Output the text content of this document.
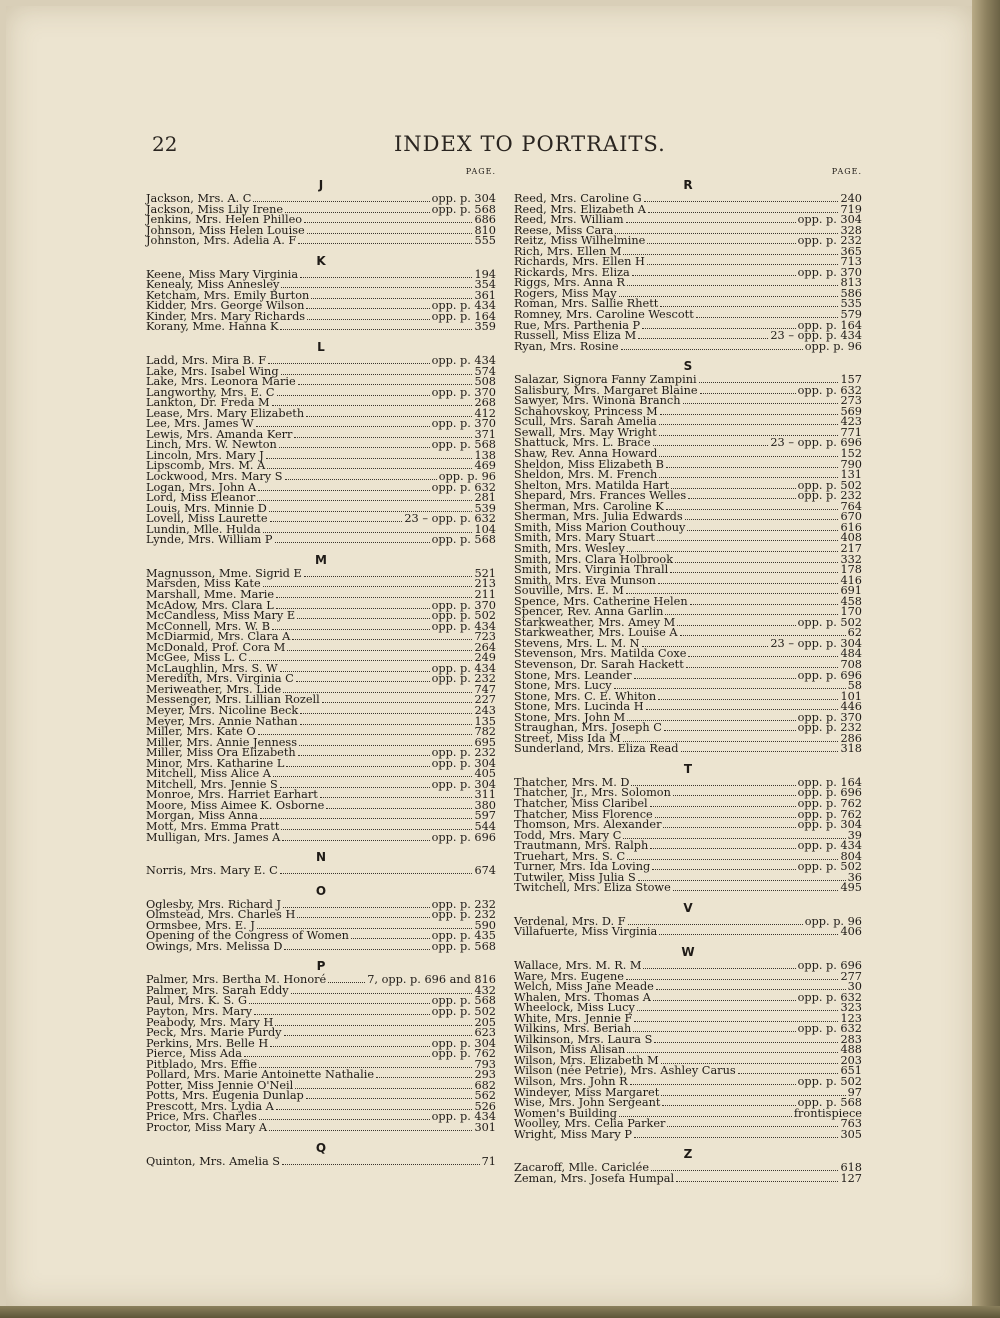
22	INDEX TO PORTRAITS.
PAGE.
J
Jackson, Mrs. A. C	opp. p. 304
Jackson, Miss Lily Irene	opp. p. 568
Jenkins, Mrs. Helen Philleo	686
Johnson, Miss Helen Louise	810
Johnston, Mrs. Adelia A. F	555
K
Keene, Miss Mary Virginia	194
Kenealy, Miss Annesley	354
Ketcham, Mrs. Emily Burton	361
Kidder, Mrs. George Wilson	opp. p. 434
Kinder, Mrs. Mary Richards	opp. p. 164
Korany, Mme. Hanna K	359
L
Ladd, Mrs. Mira B. F	opp. p. 434
Lake, Mrs. Isabel Wing	574
Lake, Mrs. Leonora Marie	508
Langworthy, Mrs. E. C	opp. p. 370
Lankton, Dr. Freda M	268
Lease, Mrs. Mary Elizabeth	412
Lee, Mrs. James W	opp. p. 370
Lewis, Mrs. Amanda Kerr	371
Linch, Mrs. W. Newton	opp. p. 568
Lincoln, Mrs. Mary J	138
Lipscomb, Mrs. M. A	469
Lockwood, Mrs. Mary S	opp. p. 96
Logan, Mrs. John A	opp. p. 632
Lord, Miss Eleanor	281
Louis, Mrs. Minnie D	539
Lovell, Miss Laurette	23 – opp. p. 632
Lundin, Mlle. Hulda	104
Lynde, Mrs. William P	opp. p. 568
M
Magnusson, Mme. Sigrid E	521
Marsden, Miss Kate	213
Marshall, Mme. Marie	211
McAdow, Mrs. Clara L	opp. p. 370
McCandless, Miss Mary E	opp. p. 502
McConnell, Mrs. W. B	opp. p. 434
McDiarmid, Mrs. Clara A	723
McDonald, Prof. Cora M	264
McGee, Miss L. C	249
McLaughlin, Mrs. S. W	opp. p. 434
Meredith, Mrs. Virginia C	opp. p. 232
Meriweather, Mrs. Lide	747
Messenger, Mrs. Lillian Rozell	227
Meyer, Mrs. Nicoline Beck	243
Meyer, Mrs. Annie Nathan	135
Miller, Mrs. Kate O	782
Miller, Mrs. Annie Jenness	695
Miller, Miss Ora Elizabeth	opp. p. 232
Minor, Mrs. Katharine L	opp. p. 304
Mitchell, Miss Alice A	405
Mitchell, Mrs. Jennie S	opp. p. 304
Monroe, Mrs. Harriet Earhart	311
Moore, Miss Aimee K. Osborne	380
Morgan, Miss Anna	597
Mott, Mrs. Emma Pratt	544
Mulligan, Mrs. James A	opp. p. 696
N
Norris, Mrs. Mary E. C	674
O
Oglesby, Mrs. Richard J	opp. p. 232
Olmstead, Mrs. Charles H	opp. p. 232
Ormsbee, Mrs. E. J	590
Opening of the Congress of Women	opp. p. 435
Owings, Mrs. Melissa D	opp. p. 568
P
Palmer, Mrs. Bertha M. Honoré	7, opp. p. 696 and 816
Palmer, Mrs. Sarah Eddy	432
Paul, Mrs. K. S. G	opp. p. 568
Payton, Mrs. Mary	opp. p. 502
Peabody, Mrs. Mary H	205
Peck, Mrs. Marie Purdy	623
Perkins, Mrs. Belle H	opp. p. 304
Pierce, Miss Ada	opp. p. 762
Pitblado, Mrs. Effie	793
Pollard, Mrs. Marie Antoinette Nathalie	293
Potter, Miss Jennie O'Neil	682
Potts, Mrs. Eugenia Dunlap	562
Prescott, Mrs. Lydia A	526
Price, Mrs. Charles	opp. p. 434
Proctor, Miss Mary A	301
Q
Quinton, Mrs. Amelia S	71
PAGE.
R
Reed, Mrs. Caroline G	240
Reed, Mrs. Elizabeth A	719
Reed, Mrs. William	opp. p. 304
Reese, Miss Cara	328
Reitz, Miss Wilhelmine	opp. p. 232
Rich, Mrs. Ellen M	365
Richards, Mrs. Ellen H	713
Rickards, Mrs. Eliza	opp. p. 370
Riggs, Mrs. Anna R	813
Rogers, Miss May	586
Roman, Mrs. Sallie Rhett	535
Romney, Mrs. Caroline Wescott	579
Rue, Mrs. Parthenia P	opp. p. 164
Russell, Miss Eliza M	23 – opp. p. 434
Ryan, Mrs. Rosine	opp. p. 96
S
Salazar, Signora Fanny Zampini	157
Salisbury, Mrs. Margaret Blaine	opp. p. 632
Sawyer, Mrs. Winona Branch	273
Schahovskoy, Princess M	569
Scull, Mrs. Sarah Amelia	423
Sewall, Mrs. May Wright	771
Shattuck, Mrs. L. Brace	23 – opp. p. 696
Shaw, Rev. Anna Howard	152
Sheldon, Miss Elizabeth B	790
Sheldon, Mrs. M. French	131
Shelton, Mrs. Matilda Hart	opp. p. 502
Shepard, Mrs. Frances Welles	opp. p. 232
Sherman, Mrs. Caroline K	764
Sherman, Mrs. Julia Edwards	670
Smith, Miss Marion Couthouy	616
Smith, Mrs. Mary Stuart	408
Smith, Mrs. Wesley	217
Smith, Mrs. Clara Holbrook	332
Smith, Mrs. Virginia Thrall	178
Smith, Mrs. Eva Munson	416
Souville, Mrs. E. M	691
Spence, Mrs. Catherine Helen	458
Spencer, Rev. Anna Garlin	170
Starkweather, Mrs. Amey M	opp. p. 502
Starkweather, Mrs. Louise A	62
Stevens, Mrs. L. M. N	23 – opp. p. 304
Stevenson, Mrs. Matilda Coxe	484
Stevenson, Dr. Sarah Hackett	708
Stone, Mrs. Leander	opp. p. 696
Stone, Mrs. Lucy	58
Stone, Mrs. C. E. Whiton	101
Stone, Mrs. Lucinda H	446
Stone, Mrs. John M	opp. p. 370
Straughan, Mrs. Joseph C	opp. p. 232
Street, Miss Ida M	286
Sunderland, Mrs. Eliza Read	318
T
Thatcher, Mrs. M. D	opp. p. 164
Thatcher, Jr., Mrs. Solomon	opp. p. 696
Thatcher, Miss Claribel	opp. p. 762
Thatcher, Miss Florence	opp. p. 762
Thomson, Mrs. Alexander	opp. p. 304
Todd, Mrs. Mary C	39
Trautmann, Mrs. Ralph	opp. p. 434
Truehart, Mrs. S. C	804
Turner, Mrs. Ida Loving	opp. p. 502
Tutwiler, Miss Julia S	36
Twitchell, Mrs. Eliza Stowe	495
V
Verdenal, Mrs. D. F	opp. p. 96
Villafuerte, Miss Virginia	406
W
Wallace, Mrs. M. R. M	opp. p. 696
Ware, Mrs. Eugene	277
Welch, Miss Jane Meade	30
Whalen, Mrs. Thomas A	opp. p. 632
Wheelock, Miss Lucy	323
White, Mrs. Jennie F	123
Wilkins, Mrs. Beriah	opp. p. 632
Wilkinson, Mrs. Laura S	283
Wilson, Miss Alisan	488
Wilson, Mrs. Elizabeth M	203
Wilson (née Petrie), Mrs. Ashley Carus	651
Wilson, Mrs. John R	opp. p. 502
Windeyer, Miss Margaret	97
Wise, Mrs. John Sergeant	opp. p. 568
Women's Building	frontispiece
Woolley, Mrs. Celia Parker	763
Wright, Miss Mary P	305
Z
Zacaroff, Mlle. Cariclée	618
Zeman, Mrs. Josefa Humpal	127
